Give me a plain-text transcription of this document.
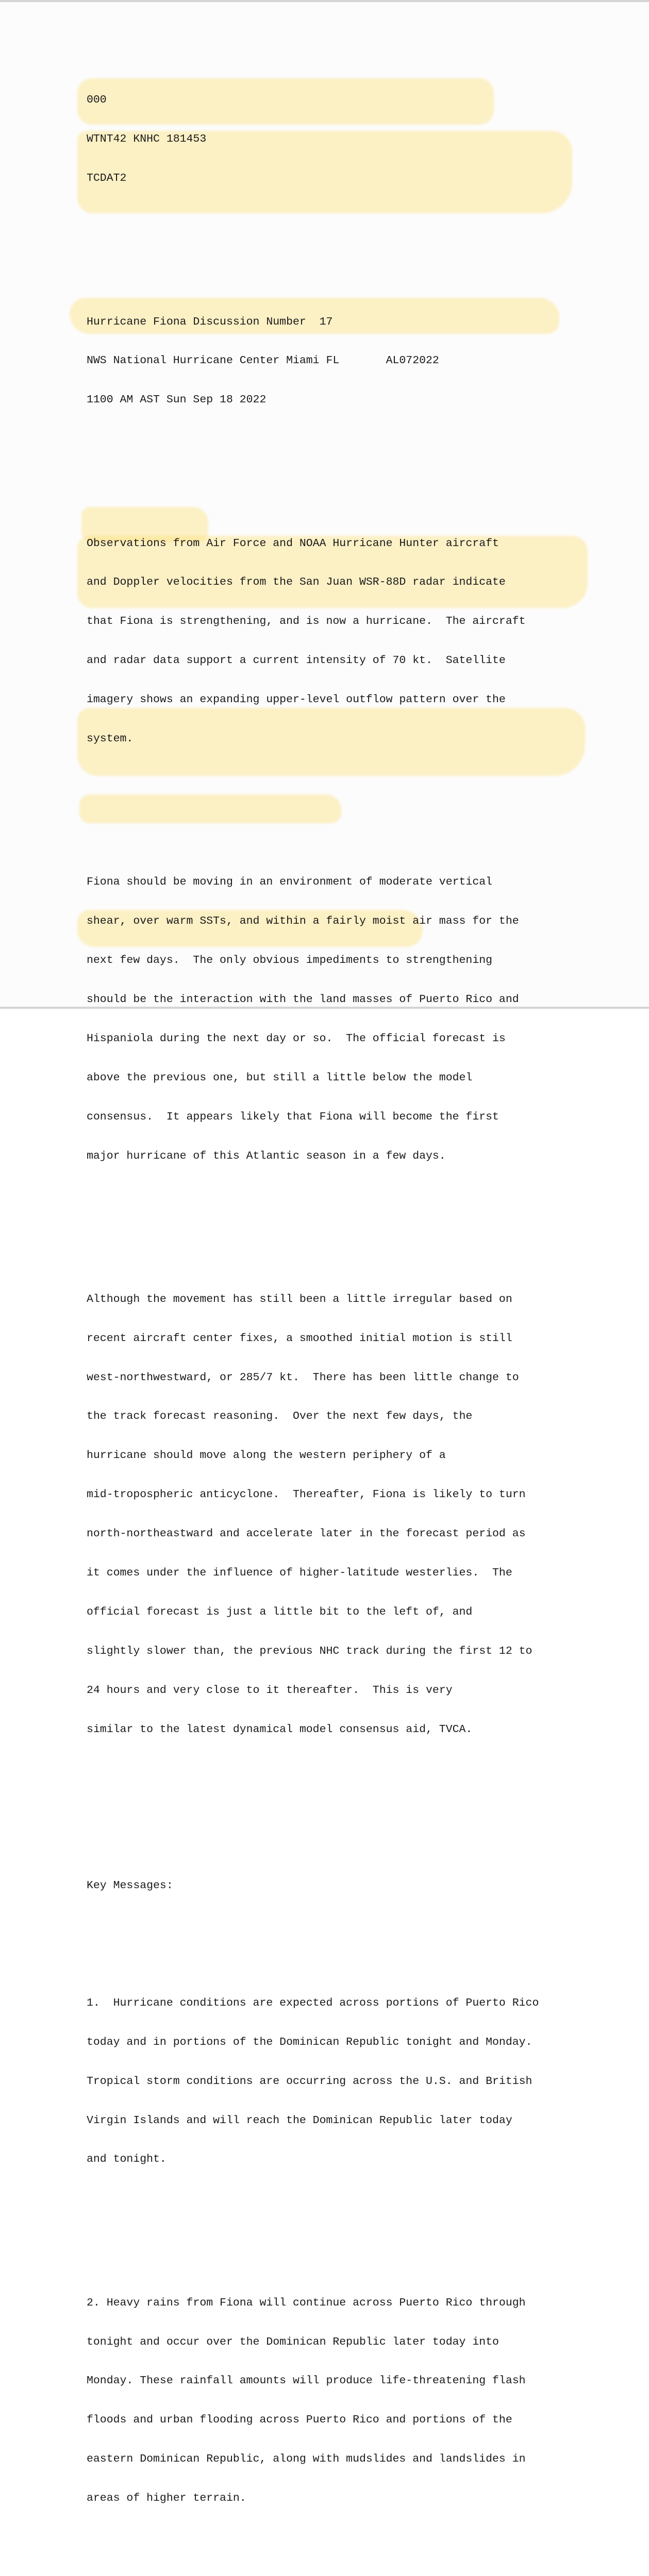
000

WTNT42 KNHC 181453

TCDAT2

Hurricane Fiona Discussion Number  17

NWS National Hurricane Center Miami FL       AL072022

1100 AM AST Sun Sep 18 2022

Observations from Air Force and NOAA Hurricane Hunter aircraft

and Doppler velocities from the San Juan WSR-88D radar indicate

that Fiona is strengthening, and is now a hurricane.  The aircraft

and radar data support a current intensity of 70 kt.  Satellite

imagery shows an expanding upper-level outflow pattern over the

system.

Fiona should be moving in an environment of moderate vertical

shear, over warm SSTs, and within a fairly moist air mass for the

next few days.  The only obvious impediments to strengthening

should be the interaction with the land masses of Puerto Rico and

Hispaniola during the next day or so.  The official forecast is

above the previous one, but still a little below the model

consensus.  It appears likely that Fiona will become the first

major hurricane of this Atlantic season in a few days.

Although the movement has still been a little irregular based on

recent aircraft center fixes, a smoothed initial motion is still

west-northwestward, or 285/7 kt.  There has been little change to

the track forecast reasoning.  Over the next few days, the

hurricane should move along the western periphery of a

mid-tropospheric anticyclone.  Thereafter, Fiona is likely to turn

north-northeastward and accelerate later in the forecast period as

it comes under the influence of higher-latitude westerlies.  The

official forecast is just a little bit to the left of, and

slightly slower than, the previous NHC track during the first 12 to

24 hours and very close to it thereafter.  This is very

similar to the latest dynamical model consensus aid, TVCA.

Key Messages:

1.  Hurricane conditions are expected across portions of Puerto Rico

today and in portions of the Dominican Republic tonight and Monday.

Tropical storm conditions are occurring across the U.S. and British

Virgin Islands and will reach the Dominican Republic later today

and tonight.

2. Heavy rains from Fiona will continue across Puerto Rico through

tonight and occur over the Dominican Republic later today into

Monday. These rainfall amounts will produce life-threatening flash

floods and urban flooding across Puerto Rico and portions of the

eastern Dominican Republic, along with mudslides and landslides in

areas of higher terrain.
